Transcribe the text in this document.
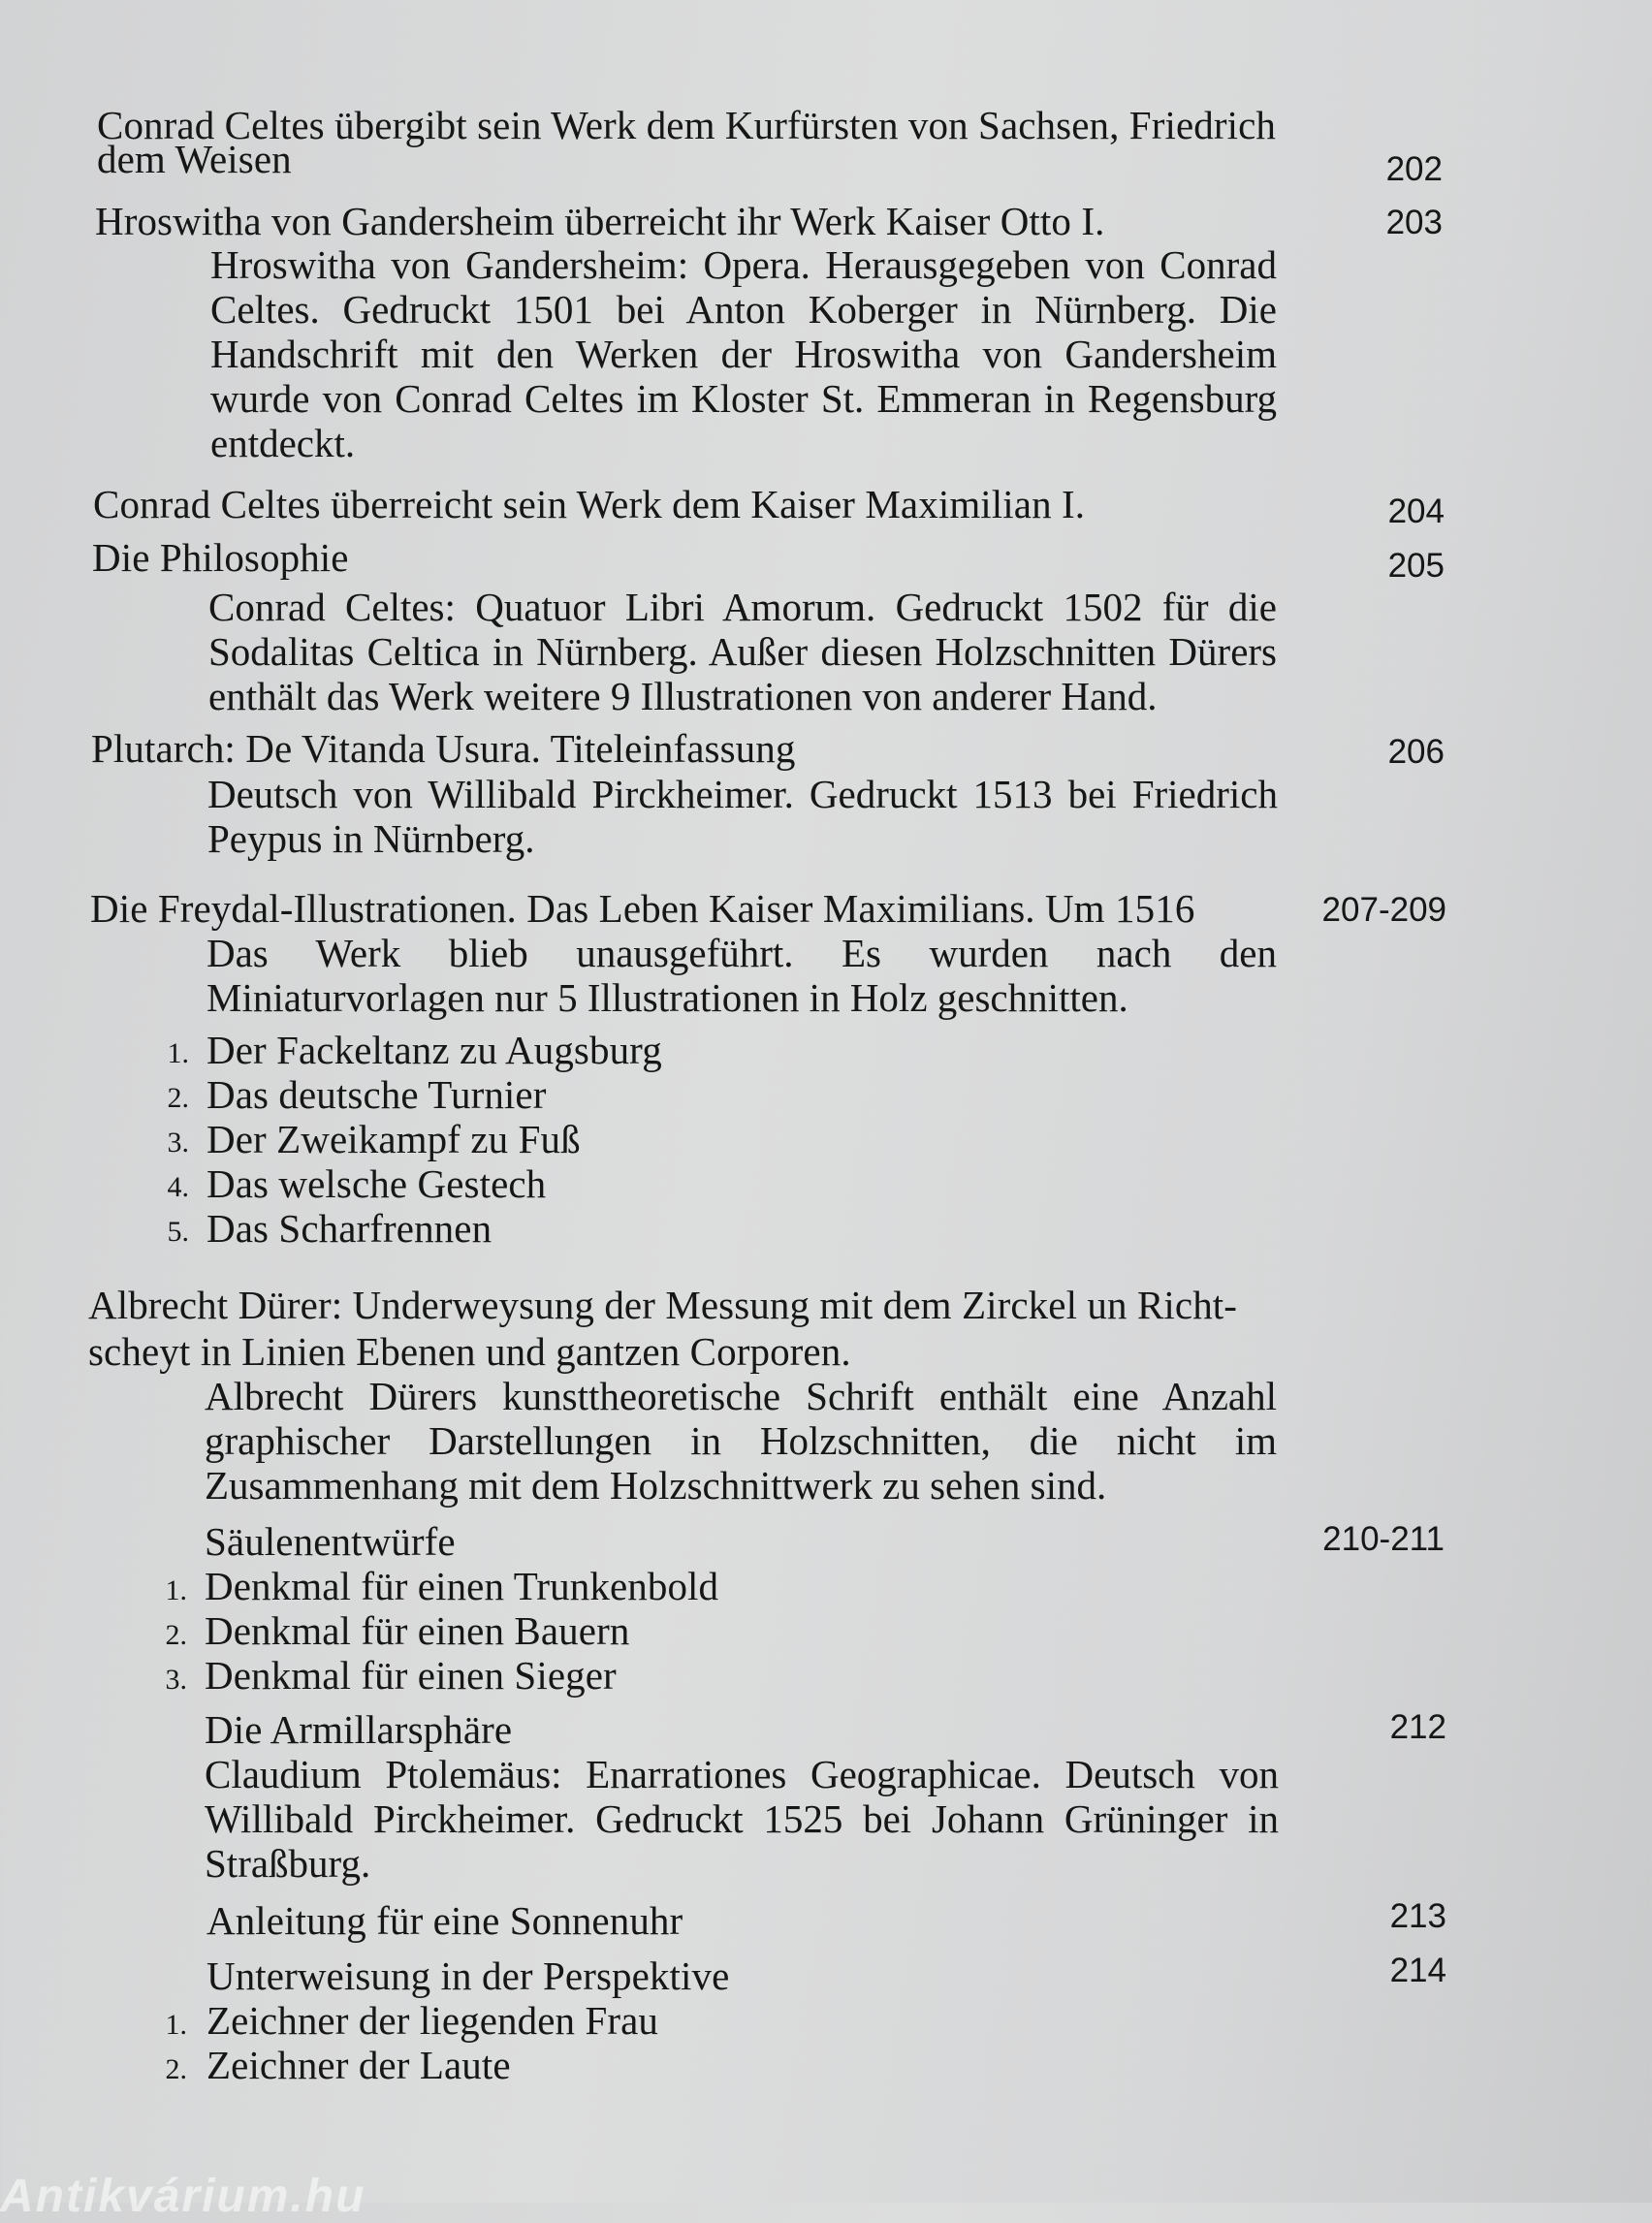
Conrad Celtes übergibt sein Werk dem Kurfürsten von Sachsen, Friedrich
dem Weisen	202
Hroswitha von Gandersheim überreicht ihr Werk Kaiser Otto I.	203
Hroswitha von Gandersheim: Opera. Herausgegeben von Conrad Celtes. Gedruckt 1501 bei Anton Koberger in Nürnberg. Die Handschrift mit den Werken der Hroswitha von Gandersheim wurde von Conrad Celtes im Kloster St. Emmeran in Regensburg entdeckt.
Conrad Celtes überreicht sein Werk dem Kaiser Maximilian I.	204
Die Philosophie	205
Conrad Celtes: Quatuor Libri Amorum. Gedruckt 1502 für die Sodalitas Celtica in Nürnberg. Außer diesen Holzschnitten Dürers enthält das Werk weitere 9 Illustrationen von anderer Hand.
Plutarch: De Vitanda Usura. Titeleinfassung	206
Deutsch von Willibald Pirckheimer. Gedruckt 1513 bei Friedrich Peypus in Nürnberg.
Die Freydal-Illustrationen. Das Leben Kaiser Maximilians. Um 1516	207-209
Das Werk blieb unausgeführt. Es wurden nach den Miniaturvorlagen nur 5 Illustrationen in Holz geschnitten.
1. Der Fackeltanz zu Augsburg
2. Das deutsche Turnier
3. Der Zweikampf zu Fuß
4. Das welsche Gestech
5. Das Scharfrennen
Albrecht Dürer: Underweysung der Messung mit dem Zirckel un Richt-
scheyt in Linien Ebenen und gantzen Corporen.
Albrecht Dürers kunsttheoretische Schrift enthält eine Anzahl graphischer Darstellungen in Holzschnitten, die nicht im Zusammenhang mit dem Holzschnittwerk zu sehen sind.
Säulenentwürfe	210-211
1. Denkmal für einen Trunkenbold
2. Denkmal für einen Bauern
3. Denkmal für einen Sieger
Die Armillarsphäre	212
Claudium Ptolemäus: Enarrationes Geographicae. Deutsch von Willibald Pirckheimer. Gedruckt 1525 bei Johann Grüninger in Straßburg.
Anleitung für eine Sonnenuhr	213
Unterweisung in der Perspektive	214
1. Zeichner der liegenden Frau
2. Zeichner der Laute
Antikvárium.hu
